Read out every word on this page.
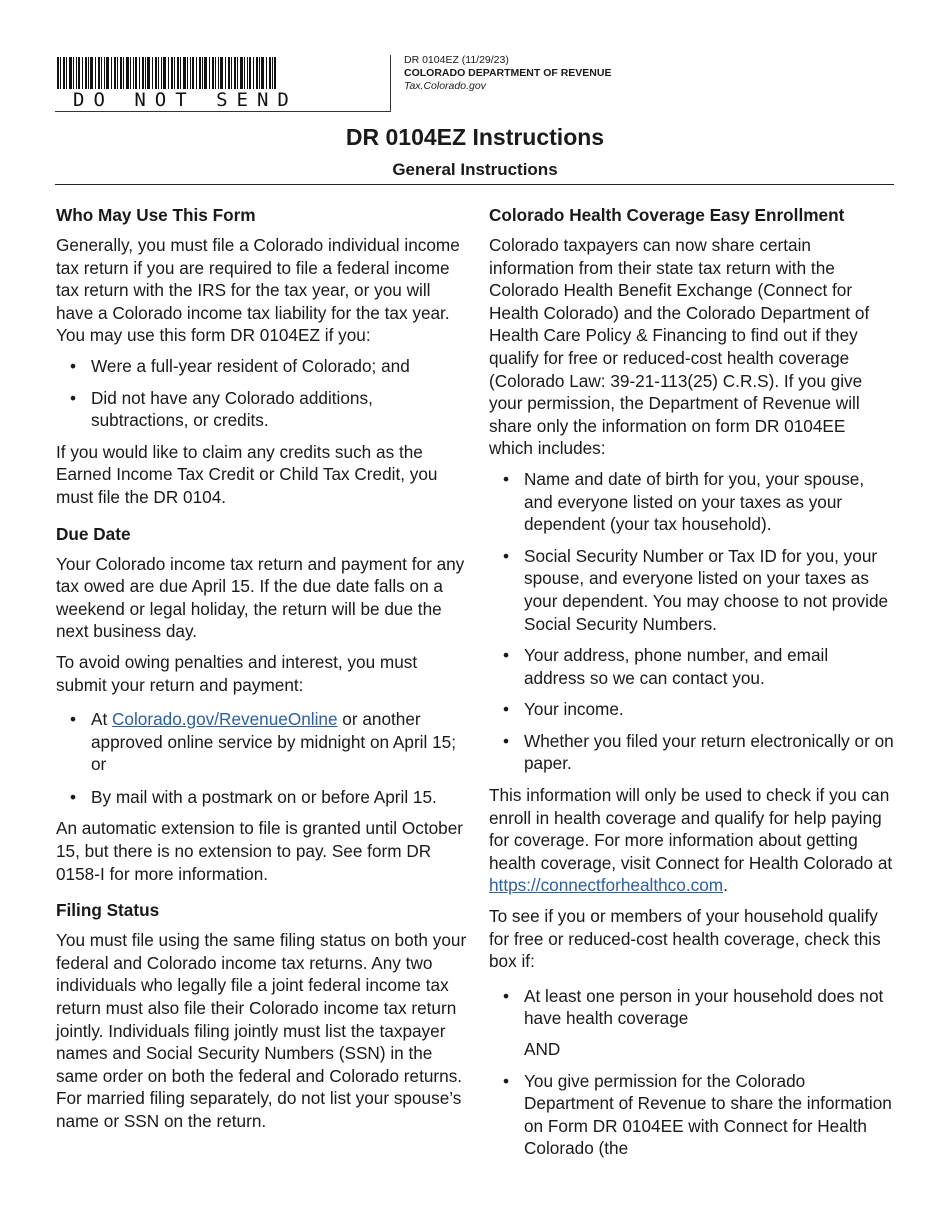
DO NOT SEND
DR 0104EZ (11/29/23)
COLORADO DEPARTMENT OF REVENUE
Tax.Colorado.gov
DR 0104EZ Instructions
General Instructions
Who May Use This Form

Generally, you must file a Colorado individual income tax return if you are required to file a federal income tax return with the IRS for the tax year, or you will have a Colorado income tax liability for the tax year. You may use this form DR 0104EZ if you:

• Were a full-year resident of Colorado; and
• Did not have any Colorado additions, subtractions, or credits.

If you would like to claim any credits such as the Earned Income Tax Credit or Child Tax Credit, you must file the DR 0104.

Due Date

Your Colorado income tax return and payment for any tax owed are due April 15. If the due date falls on a weekend or legal holiday, the return will be due the next business day.

To avoid owing penalties and interest, you must submit your return and payment:

• At Colorado.gov/RevenueOnline or another approved online service by midnight on April 15; or
• By mail with a postmark on or before April 15.

An automatic extension to file is granted until October 15, but there is no extension to pay. See form DR 0158-I for more information.

Filing Status

You must file using the same filing status on both your federal and Colorado income tax returns. Any two individuals who legally file a joint federal income tax return must also file their Colorado income tax return jointly. Individuals filing jointly must list the taxpayer names and Social Security Numbers (SSN) in the same order on both the federal and Colorado returns. For married filing separately, do not list your spouse’s name or SSN on the return.

Colorado Health Coverage Easy Enrollment

Colorado taxpayers can now share certain information from their state tax return with the Colorado Health Benefit Exchange (Connect for Health Colorado) and the Colorado Department of Health Care Policy & Financing to find out if they qualify for free or reduced-cost health coverage (Colorado Law: 39-21-113(25) C.R.S). If you give your permission, the Department of Revenue will share only the information on form DR 0104EE which includes:

• Name and date of birth for you, your spouse, and everyone listed on your taxes as your dependent (your tax household).
• Social Security Number or Tax ID for you, your spouse, and everyone listed on your taxes as your dependent. You may choose to not provide Social Security Numbers.
• Your address, phone number, and email address so we can contact you.
• Your income.
• Whether you filed your return electronically or on paper.

This information will only be used to check if you can enroll in health coverage and qualify for help paying for coverage. For more information about getting health coverage, visit Connect for Health Colorado at https://connectforhealthco.com.

To see if you or members of your household qualify for free or reduced-cost health coverage, check this box if:

• At least one person in your household does not have health coverage
AND
• You give permission for the Colorado Department of Revenue to share the information on Form DR 0104EE with Connect for Health Colorado (the
